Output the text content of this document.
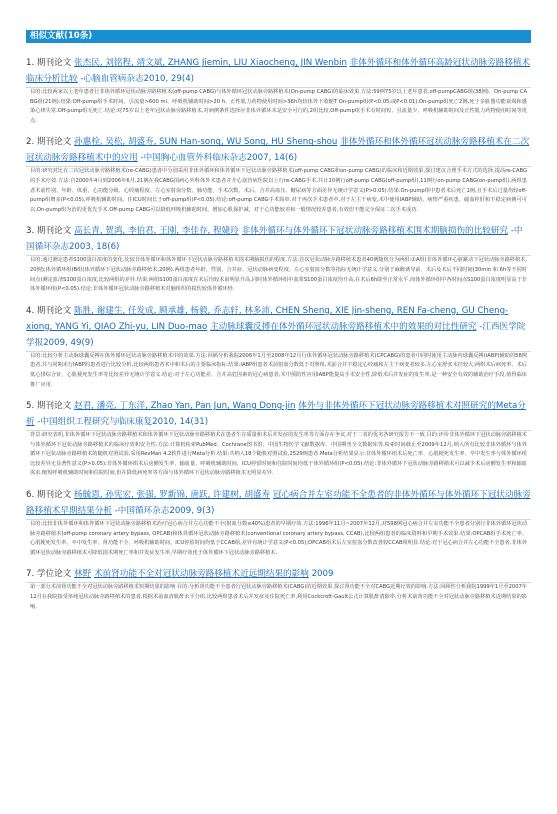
相似文献(10条)
1. 期刊论文 张杰民, 刘铭程, 靖文斌, ZHANG Jiemin, LIU Xiaocheng, JIN Wenbin 非体外循环和体外循环高龄冠状动脉旁路移植术临床分析比较 -心脑血管病杂志2010, 29(4)
目的:比较两家以上老年患者行非体外循环冠状动脉旁路移植术(off-pump CABG)与体外循环冠状动脉旁路移植术(On-pump CABG)的临床效果.方法:59例75岁以上老年患者,off-pumpCABG组(38例)、On-pump CABG组(21例).结果:Off-pump组手术时间、引流量>600 ml、呼吸机辅助时间>20 h、正性肌力药物使用时间>36h均较体外下收缩T On-pump组(P<0.05,或P<0.01).On-pump组死亡2例,死于多脏器功能衰竭和感染心律失常.Off-pump组无死亡.结论:对75岁以上老年冠状动脉旁路移植术,对病例条件选择应非体外循环术是安全可行的,2组比较,Off-pump组手术有时间短、引流量少、呼吸机辅助时间及正性肌力药物使用时间等优点.
2. 期刊论文 孙惠栓, 吴松, 胡盛寿, SUN Han-song, WU Song, HU Sheng-shou 非体外循环和体外循环冠状动脉旁路移植术在二次冠状动脉旁路移植术中的应用 -中国胸心血管外科临床杂志2007, 14(6)
目的:研究对比在二次冠状动脉旁路移植术(re-CABG)患者中分别采用非体外循环和体外循环下冠状动脉旁路移植术(off-pump CABG和on-pump CABG)的临床和近期效果,探讨建议合理手术方式的选择,提高re-CABG的手术疗效.方法:自2000年4月到2006年6月,21例在我CABG国病心外科体外术患者并介心血管病医院以上行re-CABG手术,共计10例行off-pump CABG(off-pump组),11例行on-pump CABG(on-pump组),两组患者术前性别、年龄、体重、心功能分级、心绞痛程度、左心室射血分数、肺功能、手术次数、术后、合并高血压、糖尿病等方面差异无统计学意义(P>0.05).结果:On-pump组中患者术后死亡1例,且手术后过量均较off-pump组增多(P<0.05),呼吸机辅助时间、住ICU时间长于off-pump组(P<0.05).结论:off-pump CABG手术简单.对于再次手术患者中,对于左主干病变,术中使用IABP辅助、病情严重疾患、磁血栓肝和不稳定病例可可以,On-pump组为治的更优先手术.Off-pump CABG可以降低呼吸机辅助时间、增加心肌保护减、对于心功能较差和一般情况较差患者,有效但不能完全保证二次手术成功.
3. 期刊论文 高长青, 贺鸿, 李伯君, 王刚, 李佳存, 程婕玲 非体外循环与体外循环下冠状动脉旁路移植术围术期脑损伤的比较研究 -中国循环杂志2003, 18(6)
目的:通过测定患者S100蛋白浓度的变化,比较非体外循环和体外循环下冠状动脉旁路移植术围术期脑损伤的程度.方法:首次冠状动脉旁路移植术患者40例随机分为两组:①A组(非体外循环心脏跳动下冠状动脉旁路移植术,20例);体外循环组(B组(体外循环下冠状动脉旁路移植术,20例).两组患者年龄、性别、合并症、冠状动脉病变程度、左心室射血分数等指标无统计学意义.分别于麻醉诱导前、术后及术后不同时间(30min 和 6h等不同时间点)测定血清S100蛋白浓度,比较两组的差异.结果:两组S100蛋白浓度在术后均较术前明显升高,同时体外循环组中血浆S100蛋白浓度均升高,在术后6h降至正常水平.而体外循环组中各时间点S100蛋白浓度明显高于非体外循环组(P<0.05).结论:非体外循环冠状动脉旁路移植术对脑组织的损伤较体外循环轻.
4. 期刊论文 陈胜, 谢建生, 任发成, 顾承雄, 杨毅, 乔志轩, 林多沛, CHEN Sheng, XIE Jin-sheng, REN Fa-cheng, GU Cheng-xiong, YANG Yi, QIAO Zhi-yu, LIN Duo-mao 主动脉球囊反搏在体外循环冠状动脉旁路移植术中的效果的对比性研究 -江西医学院学报2009, 49(9)
目的:比较分析主动脉球囊反搏在体外循环冠状动脉旁路移植术中的效果.方法:回顾分析我院2006年1月至2008年12月行体外循环冠状动脉旁路移植术(CPCABG)的患者中同时使用主动脉内球囊反搏(IABP)辅助的58例患者,并与同期未行IABP的患者进行比较分析,比较两组患者术中和术后的主要临床指标.结果:IABP组患者术前射血分数低于对照组,术前合并不稳定心绞痛和左主干病变者较多,左心室舒张末径较大;两组术后病死率、术后低心排综合征、心肌梗死发生率等比较差异无统计学意义.结论:对于左心功能差、合并高危因素的冠心病患者,术中预防性应用IABP能提高手术安全性,降低术后并发症的发生率,是一种安全有效的辅助治疗手段,值得临床推广应用.
5. 期刊论文 赵君, 潘亮, 丁东洋, Zhao Yan, Pan Jun, Wang Dong-jin 体外与非体外循环下冠状动脉旁路移植术对照研究的Meta分析 -中国组织工程研究与临床康复2010, 14(31)
背景:研究表明,非体外循环下冠状动脉旁路移植术和体外循环下冠状动脉旁路移植术在患者生存质量和术后并发症的发生率等方面存在争议,对于二者的优劣各研究报告不一致.目的:评价非体外循环下冠状动脉旁路移植术与体外循环下冠状动脉旁路移植术的临床疗效和安全性.方法:计算机检索PubMed、Cochrane图书馆、中国生物医学文献数据库、中国期刊全文数据库等,检索时间截止至2009年12月,纳入所有比较非体外循环与体外循环下冠状动脉旁路移植术的随机对照试验,采用RevMan 4.2软件进行Meta分析.结果:共纳入18个随机对照试验,2529例患者.Meta分析结果显示:非体外循环组术后死亡率、心肌梗死发生率、卒中发生率与体外循环组比较差异无显著性意义(P>0.05);非体外循环组术后房颤发生率、输血量、呼吸机辅助时间、ICU停留时间和住院时间均低于体外循环组(P<0.05).结论:非体外循环下冠状动脉旁路移植术可以减少术后房颤发生率和输血需求,缩短呼吸机辅助时间和住院时间,但在降低病死率等方面与体外循环下冠状动脉旁路移植术无明显差异.
6. 期刊论文 杨毓恩, 孙宪宏, 张强, 罗新锦, 唐跃, 许建树, 胡盛寿 冠心病合并左室功能不全患者的非体外循环与体外循环下冠状动脉旁路移植术早期结果分析 -中国循环杂志2009, 9(3)
目的:比较非体外循环和体外循环下冠状动脉旁路移植术治疗冠心病合并左心功能不全(射血分数≤40%)患者的早期疗效.方法:1996年11月~2007年12月,对598例冠心病合并左室功能不全患者分别行非体外循环冠状动脉旁路移植术(off-pump coronary artery bypass, OPCAB)和体外循环冠状动脉旁路移植术(conventional coronary artery bypass, CCAB),比较两组患者的临床资料和早期手术效果.结果:OPCAB组手术死亡率、心肌梗死发生率、卒中发生率、肾功能不全、呼吸机辅助时间、ICU停留时间均低于CCAB组,差异有统计学意义(P<0.05);OPCAB组术后左室射血分数改善较CCAB组明显.结论:对于冠心病合并左心功能不全患者,非体外循环冠状动脉旁路移植术可降低围术期死亡率和并发症发生率,早期疗效优于体外循环下冠状动脉旁路移植术.
7. 学位论文 林野 术前肾功能不全对冠状动脉旁路移植术近远期结果的影响 2009
第一部分术前肾功能不全对冠状动脉旁路移植术短期结果的影响 目的:分析肾功能不全患者行冠状动脉旁路移植术(CABG)的近期效果.探讨肾功能不全对CABG近期疗效的影响.方法:回顾性分析我院1999年1月至2007年12月在我院接受单纯冠状动脉旁路移植术的患者,根据术前血清肌酐水平分组,比较两组患者术后并发症及住院死亡率,利用Cockcroft-Gault公式计算肌酐清除率,分析术前肾功能不全对冠状动脉旁路移植术近期结果的影响.
